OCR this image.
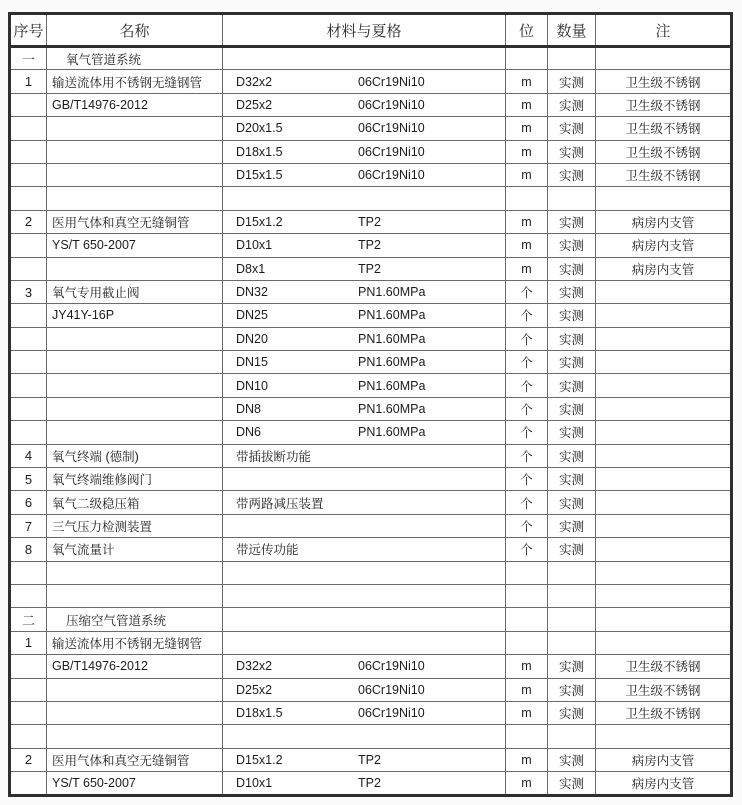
序号	名称	材料与夏格	位	数量	注
一	氧气管道系统				
1	输送流体用不锈钢无缝钢管	D32x2 06Cr19Ni10	m	实测	卫生级不锈钢
	GB/T14976-2012	D25x2 06Cr19Ni10	m	实测	卫生级不锈钢
		D20x1.5 06Cr19Ni10	m	实测	卫生级不锈钢
		D18x1.5 06Cr19Ni10	m	实测	卫生级不锈钢
		D15x1.5 06Cr19Ni10	m	实测	卫生级不锈钢

2	医用气体和真空无缝铜管	D15x1.2 TP2	m	实测	病房内支管
	YS/T 650-2007	D10x1 TP2	m	实测	病房内支管
		D8x1 TP2	m	实测	病房内支管
3	氧气专用截止阀	DN32 PN1.60MPa	个	实测	
	JY41Y-16P	DN25 PN1.60MPa	个	实测	
		DN20 PN1.60MPa	个	实测	
		DN15 PN1.60MPa	个	实测	
		DN10 PN1.60MPa	个	实测	
		DN8 PN1.60MPa	个	实测	
		DN6 PN1.60MPa	个	实测	
4	氧气终端 (德制)	带插拔断功能	个	实测	
5	氧气终端维修阀门		个	实测	
6	氧气二级稳压箱	带两路减压装置	个	实测	
7	三气压力检测装置		个	实测	
8	氧气流量计	带远传功能	个	实测	

二	压缩空气管道系统				
1	输送流体用不锈钢无缝钢管				
	GB/T14976-2012	D32x2 06Cr19Ni10	m	实测	卫生级不锈钢
		D25x2 06Cr19Ni10	m	实测	卫生级不锈钢
		D18x1.5 06Cr19Ni10	m	实测	卫生级不锈钢

2	医用气体和真空无缝铜管	D15x1.2 TP2	m	实测	病房内支管
	YS/T 650-2007	D10x1 TP2	m	实测	病房内支管
